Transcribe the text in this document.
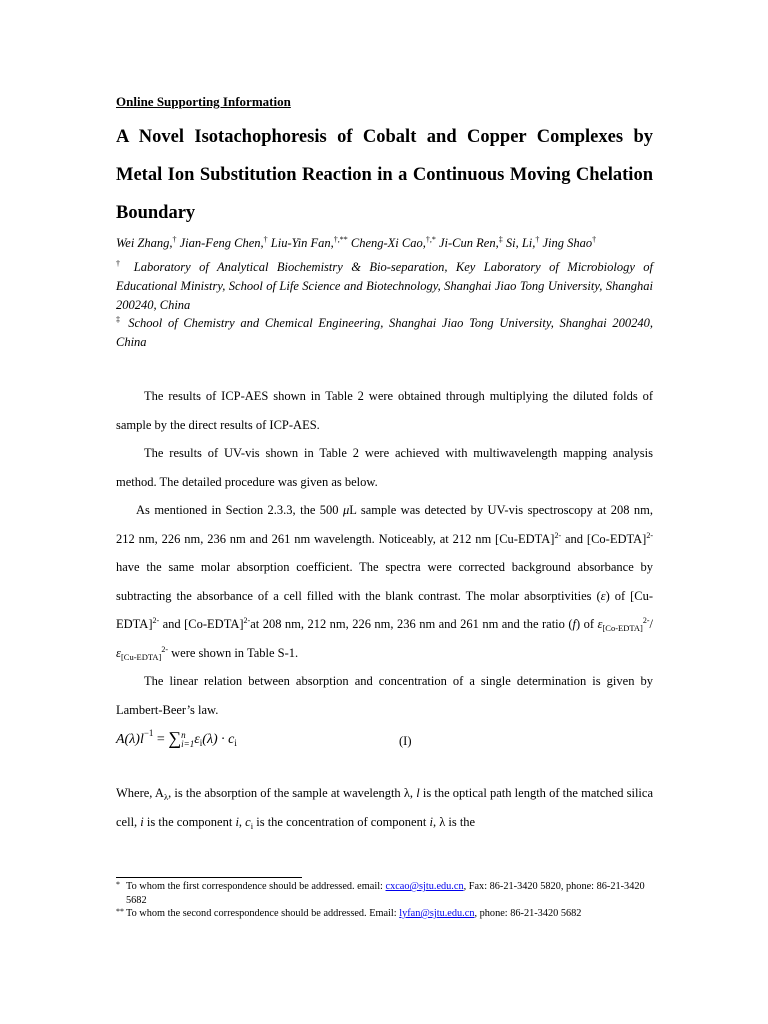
Online Supporting Information
A Novel Isotachophoresis of Cobalt and Copper Complexes by Metal Ion Substitution Reaction in a Continuous Moving Chelation Boundary
Wei Zhang,† Jian-Feng Chen,† Liu-Yin Fan,†,** Cheng-Xi Cao,†,* Ji-Cun Ren,‡ Si, Li,† Jing Shao†
† Laboratory of Analytical Biochemistry & Bio-separation, Key Laboratory of Microbiology of Educational Ministry, School of Life Science and Biotechnology, Shanghai Jiao Tong University, Shanghai 200240, China
‡ School of Chemistry and Chemical Engineering, Shanghai Jiao Tong University, Shanghai 200240, China
The results of ICP-AES shown in Table 2 were obtained through multiplying the diluted folds of sample by the direct results of ICP-AES.
The results of UV-vis shown in Table 2 were achieved with multiwavelength mapping analysis method. The detailed procedure was given as below.
As mentioned in Section 2.3.3, the 500 μL sample was detected by UV-vis spectroscopy at 208 nm, 212 nm, 226 nm, 236 nm and 261 nm wavelength. Noticeably, at 212 nm [Cu-EDTA]$^{2-}$ and [Co-EDTA]$^{2-}$ have the same molar absorption coefficient. The spectra were corrected background absorbance by subtracting the absorbance of a cell filled with the blank contrast. The molar absorptivities (ε) of [Cu-EDTA]$^{2-}$ and [Co-EDTA]$^{2-}$at 208 nm, 212 nm, 226 nm, 236 nm and 261 nm and the ratio (f) of $\varepsilon_{[Co-EDTA]}^{2-}/\varepsilon_{[Cu-EDTA]}^{2-}$ were shown in Table S-1.
The linear relation between absorption and concentration of a single determination is given by Lambert-Beer’s law.
$A(\lambda)l^{-1} = \sum n$
$i=1\varepsilon_i(\lambda) \cdot c_i$	(I)
Where, $A_\lambda$, is the absorption of the sample at wavelength λ, l is the optical path length of the matched silica cell, i is the component i, $c_i$ is the concentration of component i, λ is the
* To whom the first correspondence should be addressed. email: cxcao@sjtu.edu.cn, Fax: 86-21-3420 5820, phone: 86-21-3420 5682
** To whom the second correspondence should be addressed. Email: lyfan@sjtu.edu.cn, phone: 86-21-3420 5682
